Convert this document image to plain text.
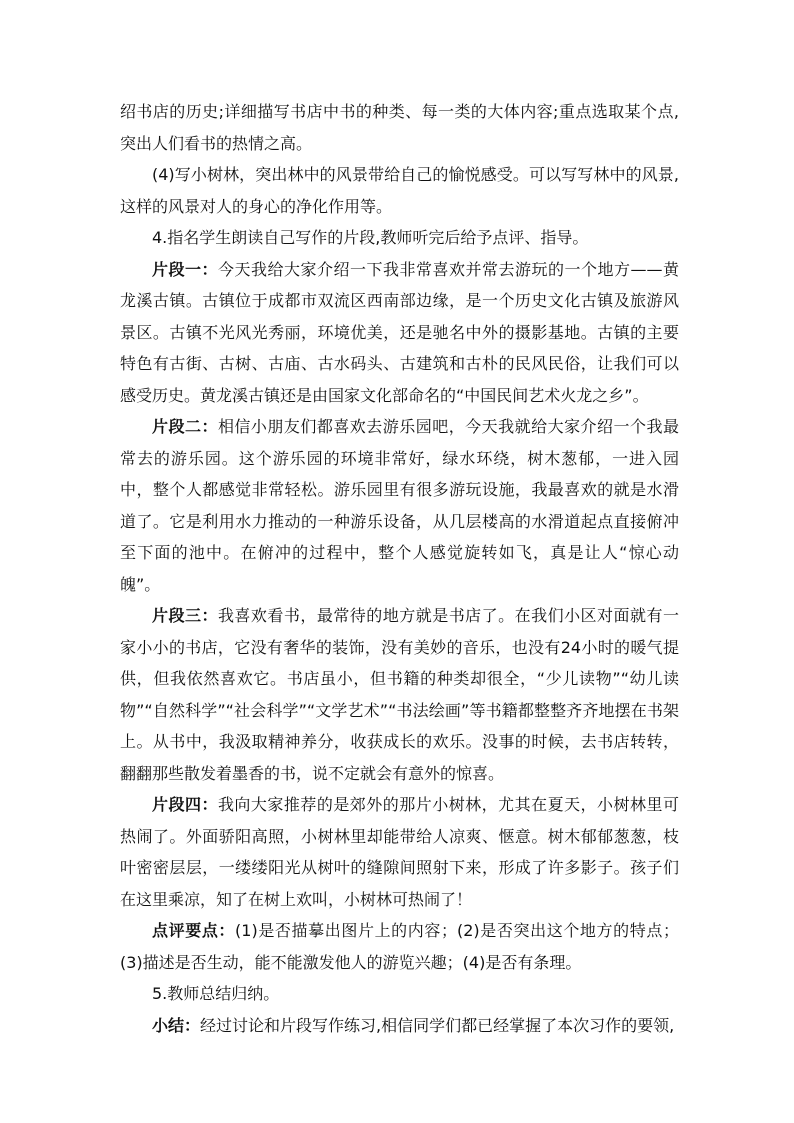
绍书店的历史;详细描写书店中书的种类、每一类的大体内容;重点选取某个点,突出人们看书的热情之高。

(4)写小树林，突出林中的风景带给自己的愉悦感受。可以写写林中的风景,这样的风景对人的身心的净化作用等。

4.指名学生朗读自己写作的片段,教师听完后给予点评、指导。

片段一：今天我给大家介绍一下我非常喜欢并常去游玩的一个地方——黄龙溪古镇。古镇位于成都市双流区西南部边缘，是一个历史文化古镇及旅游风景区。古镇不光风光秀丽，环境优美，还是驰名中外的摄影基地。古镇的主要特色有古街、古树、古庙、古水码头、古建筑和古朴的民风民俗，让我们可以感受历史。黄龙溪古镇还是由国家文化部命名的“中国民间艺术火龙之乡”。

片段二：相信小朋友们都喜欢去游乐园吧，今天我就给大家介绍一个我最常去的游乐园。这个游乐园的环境非常好，绿水环绕，树木葱郁，一进入园中，整个人都感觉非常轻松。游乐园里有很多游玩设施，我最喜欢的就是水滑道了。它是利用水力推动的一种游乐设备，从几层楼高的水滑道起点直接俯冲至下面的池中。在俯冲的过程中，整个人感觉旋转如飞，真是让人“惊心动魄”。

片段三：我喜欢看书，最常待的地方就是书店了。在我们小区对面就有一家小小的书店，它没有奢华的装饰，没有美妙的音乐，也没有24小时的暖气提供，但我依然喜欢它。书店虽小，但书籍的种类却很全，“少儿读物”“幼儿读物”“自然科学”“社会科学”“文学艺术”“书法绘画”等书籍都整整齐齐地摆在书架上。从书中，我汲取精神养分，收获成长的欢乐。没事的时候，去书店转转，翻翻那些散发着墨香的书，说不定就会有意外的惊喜。

片段四：我向大家推荐的是郊外的那片小树林，尤其在夏天，小树林里可热闹了。外面骄阳高照，小树林里却能带给人凉爽、惬意。树木郁郁葱葱，枝叶密密层层，一缕缕阳光从树叶的缝隙间照射下来，形成了许多影子。孩子们在这里乘凉，知了在树上欢叫，小树林可热闹了！

点评要点：(1)是否描摹出图片上的内容；(2)是否突出这个地方的特点；(3)描述是否生动，能不能激发他人的游览兴趣；(4)是否有条理。

5.教师总结归纳。

小结：经过讨论和片段写作练习,相信同学们都已经掌握了本次习作的要领,
